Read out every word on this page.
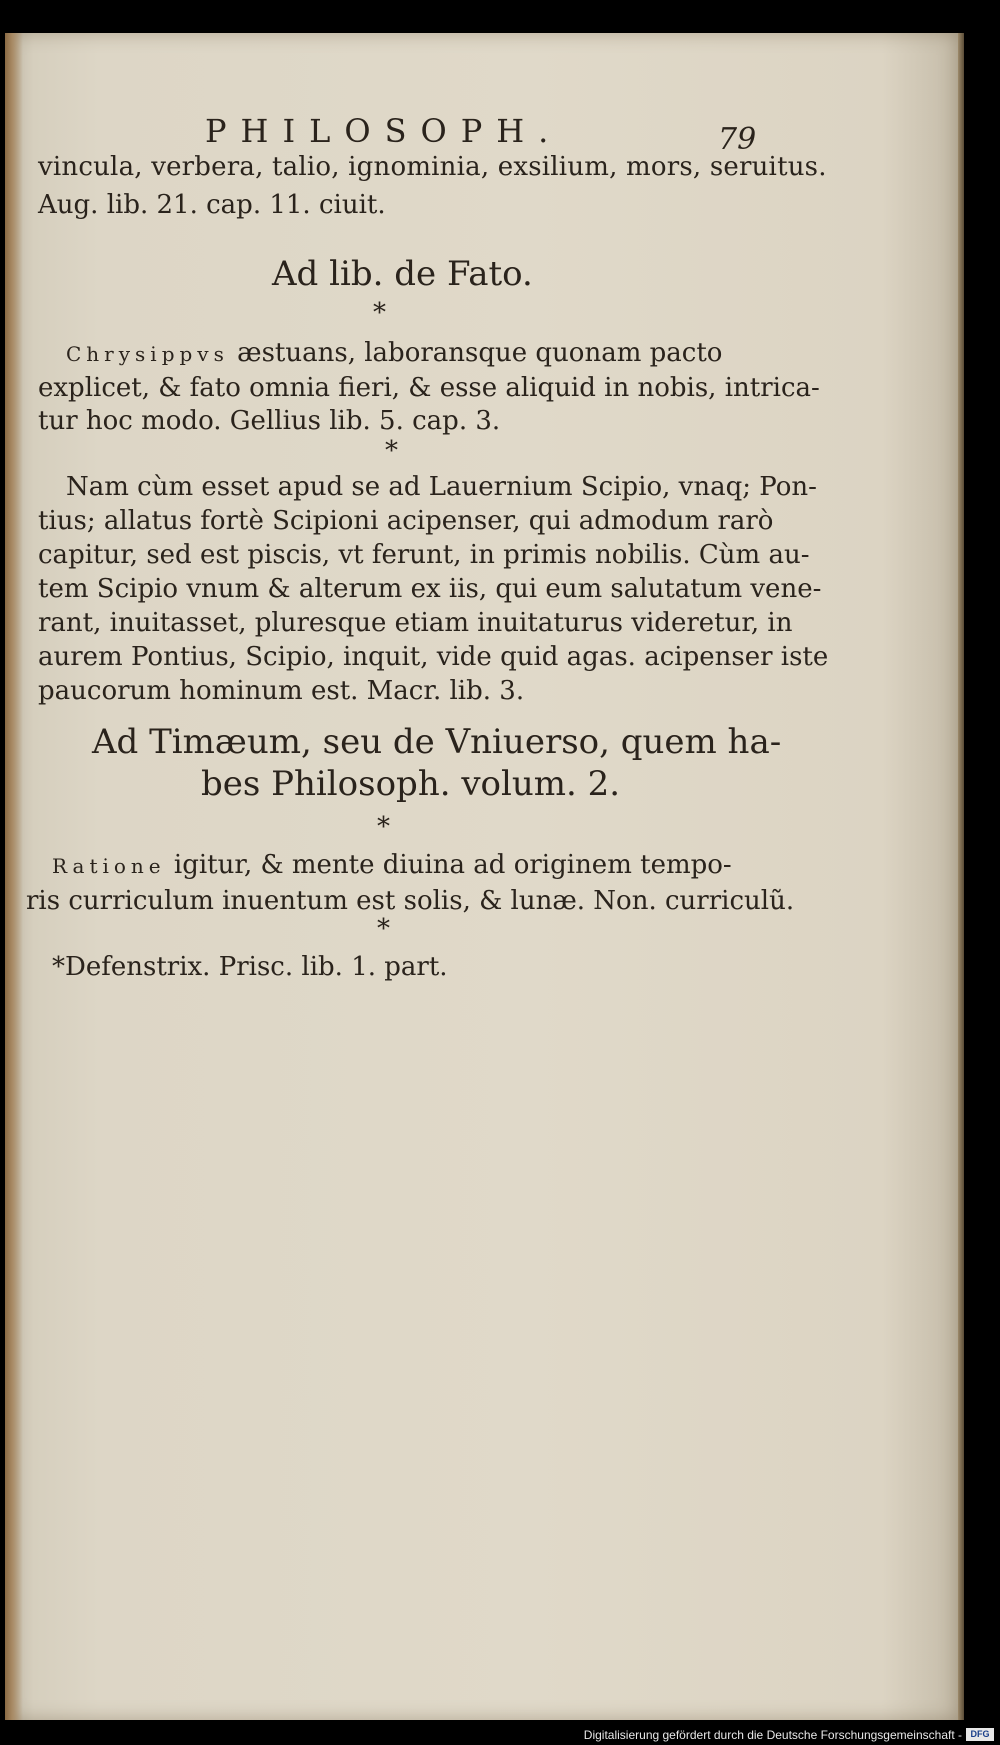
PHILOSOPH.	79
vincula, verbera, talio, ignominia, exsilium, mors, seruitus.
Aug. lib. 21. cap. 11. ciuit.
Ad lib. de Fato.
*
Chrysippvs æstuans, laboransque quonam pacto
explicet, & fato omnia fieri, & esse aliquid in nobis, intrica-
tur hoc modo. Gellius lib. 5. cap. 3.
*
Nam cùm esset apud se ad Lauernium Scipio, vnaq; Pon-
tius; allatus fortè Scipioni acipenser, qui admodum rarò
capitur, sed est piscis, vt ferunt, in primis nobilis. Cùm au-
tem Scipio vnum & alterum ex iis, qui eum salutatum vene-
rant, inuitasset, pluresque etiam inuitaturus videretur, in
aurem Pontius, Scipio, inquit, vide quid agas. acipenser iste
paucorum hominum est. Macr. lib. 3.
Ad Timæum, seu de Vniuerso, quem ha-
bes Philosoph. volum. 2.
*
Ratione igitur, & mente diuina ad originem tempo-
ris curriculum inuentum est solis, & lunæ. Non. curriculũ.
*
*Defenstrix. Prisc. lib. 1. part.
Digitalisierung gefördert durch die Deutsche Forschungsgemeinschaft - DFG
